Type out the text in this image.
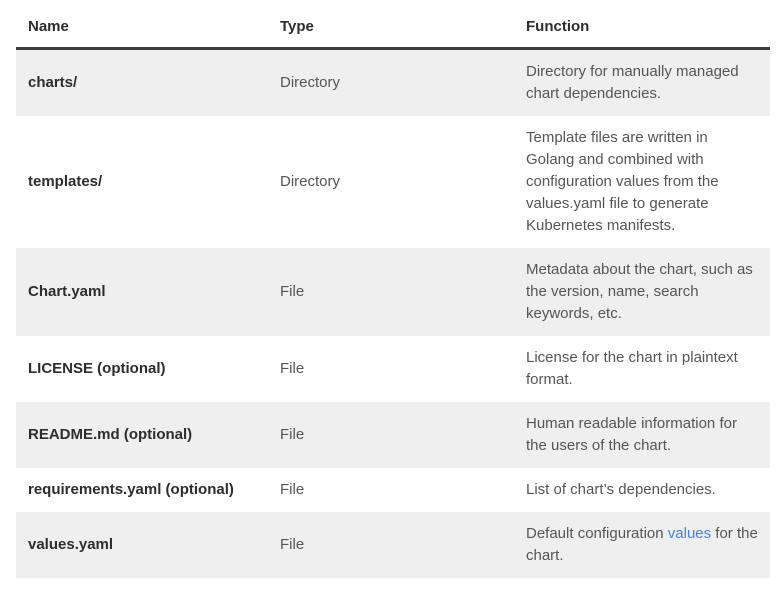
Name	Type	Function
charts/	Directory	Directory for manually managed chart dependencies.
templates/	Directory	Template files are written in Golang and combined with configuration values from the values.yaml file to generate Kubernetes manifests.
Chart.yaml	File	Metadata about the chart, such as the version, name, search keywords, etc.
LICENSE (optional)	File	License for the chart in plaintext format.
README.md (optional)	File	Human readable information for the users of the chart.
requirements.yaml (optional)	File	List of chart’s dependencies.
values.yaml	File	Default configuration values for the chart.
